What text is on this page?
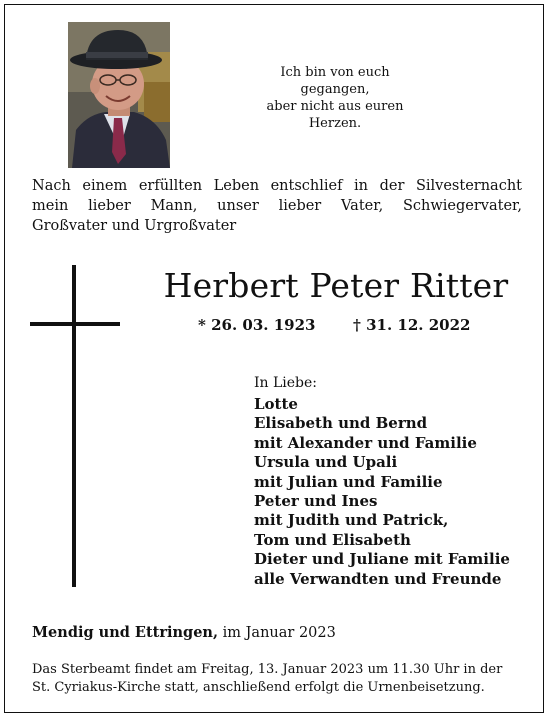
Ich bin von euch
gegangen,
aber nicht aus euren
Herzen.
Nach einem erfüllten Leben entschlief in der Silvesternacht
mein lieber Mann, unser lieber Vater, Schwiegervater,
Großvater und Urgroßvater
Herbert Peter Ritter
* 26. 03. 1923	† 31. 12. 2022
In Liebe:
Lotte
Elisabeth und Bernd
mit Alexander und Familie
Ursula und Upali
mit Julian und Familie
Peter und Ines
mit Judith und Patrick,
Tom und Elisabeth
Dieter und Juliane mit Familie
alle Verwandten und Freunde
Mendig und Ettringen, im Januar 2023
Das Sterbeamt findet am Freitag, 13. Januar 2023 um 11.30 Uhr in der
St. Cyriakus-Kirche statt, anschließend erfolgt die Urnenbeisetzung.
